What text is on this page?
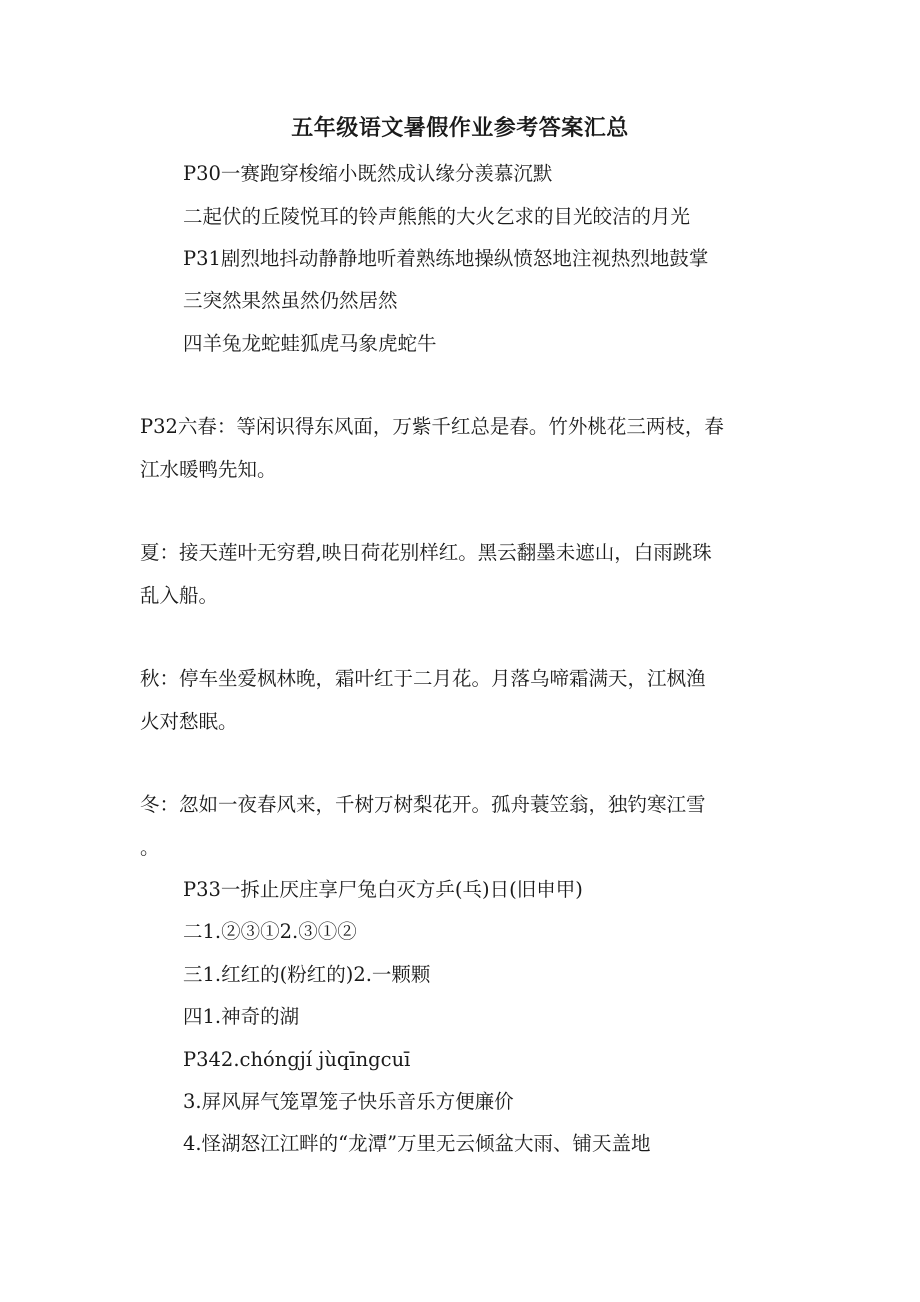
五年级语文暑假作业参考答案汇总
P30一赛跑穿梭缩小既然成认缘分羡慕沉默
二起伏的丘陵悦耳的铃声熊熊的大火乞求的目光皎洁的月光
P31剧烈地抖动静静地听着熟练地操纵愤怒地注视热烈地鼓掌
三突然果然虽然仍然居然
四羊兔龙蛇蛙狐虎马象虎蛇牛
P32六春：等闲识得东风面，万紫千红总是春。竹外桃花三两枝，春
江水暖鸭先知。
夏：接天莲叶无穷碧,映日荷花别样红。黑云翻墨未遮山，白雨跳珠
乱入船。
秋：停车坐爱枫林晚，霜叶红于二月花。月落乌啼霜满天，江枫渔
火对愁眠。
冬：忽如一夜春风来，千树万树梨花开。孤舟蓑笠翁，独钓寒江雪
。
P33一拆止厌庄享尸兔白灭方乒(乓)日(旧申甲)
二1.②③①2.③①②
三1.红红的(粉红的)2.一颗颗
四1.神奇的湖
P342.chóngjí jùqīngcuī
3.屏风屏气笼罩笼子快乐音乐方便廉价
4.怪湖怒江江畔的“龙潭”万里无云倾盆大雨、铺天盖地
